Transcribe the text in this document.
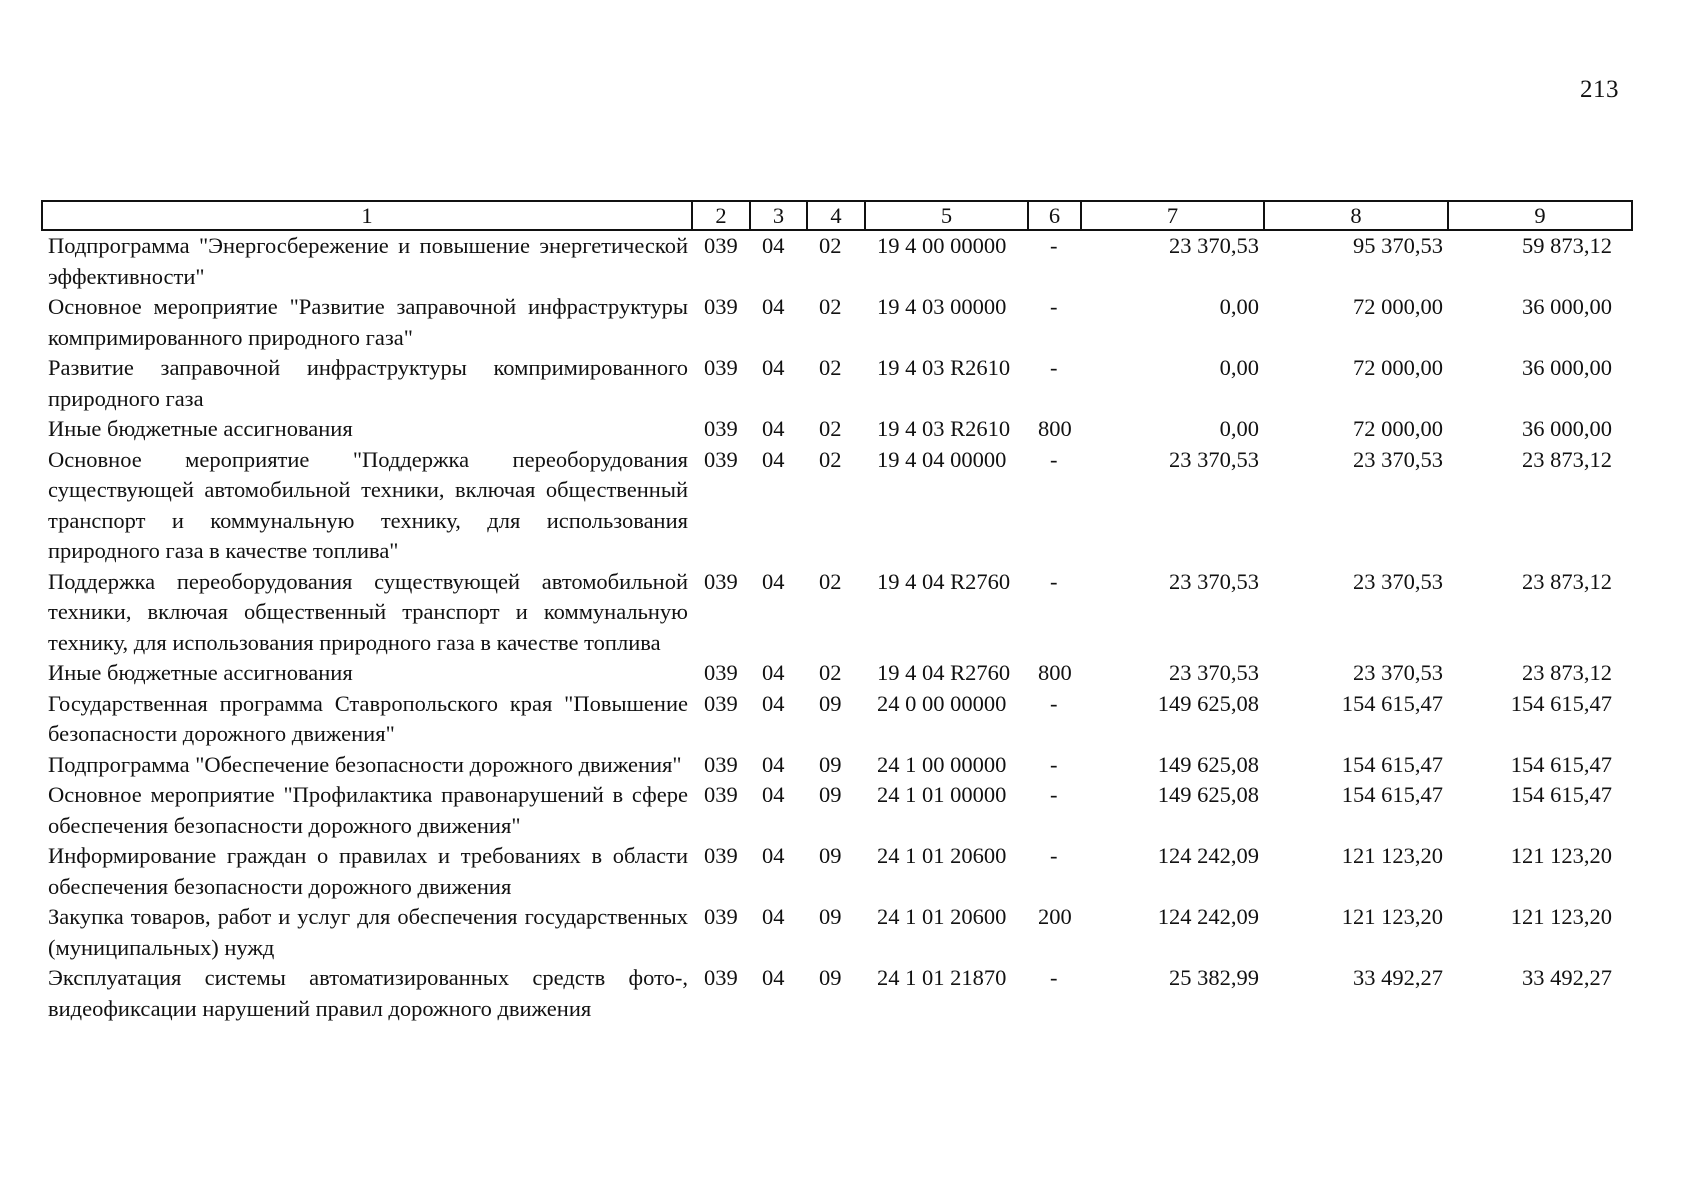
213
1	2	3	4	5	6	7	8	9
Подпрограмма "Энергосбережение и повышение энергетической эффективности"	039	04	02	19 4 00 00000	-	23 370,53	95 370,53	59 873,12
Основное мероприятие "Развитие заправочной инфраструктуры компримированного природного газа"	039	04	02	19 4 03 00000	-	0,00	72 000,00	36 000,00
Развитие заправочной инфраструктуры компримированного природного газа	039	04	02	19 4 03 R2610	-	0,00	72 000,00	36 000,00
Иные бюджетные ассигнования	039	04	02	19 4 03 R2610	800	0,00	72 000,00	36 000,00
Основное мероприятие "Поддержка переоборудования существующей автомобильной техники, включая общественный транспорт и коммунальную технику, для использования природного газа в качестве топлива"	039	04	02	19 4 04 00000	-	23 370,53	23 370,53	23 873,12
Поддержка переоборудования существующей автомобильной техники, включая общественный транспорт и коммунальную технику, для использования природного газа в качестве топлива	039	04	02	19 4 04 R2760	-	23 370,53	23 370,53	23 873,12
Иные бюджетные ассигнования	039	04	02	19 4 04 R2760	800	23 370,53	23 370,53	23 873,12
Государственная программа Ставропольского края "Повышение безопасности дорожного движения"	039	04	09	24 0 00 00000	-	149 625,08	154 615,47	154 615,47
Подпрограмма "Обеспечение безопасности дорожного движения"	039	04	09	24 1 00 00000	-	149 625,08	154 615,47	154 615,47
Основное мероприятие "Профилактика правонарушений в сфере обеспечения безопасности дорожного движения"	039	04	09	24 1 01 00000	-	149 625,08	154 615,47	154 615,47
Информирование граждан о правилах и требованиях в области обеспечения безопасности дорожного движения	039	04	09	24 1 01 20600	-	124 242,09	121 123,20	121 123,20
Закупка товаров, работ и услуг для обеспечения государственных (муниципальных) нужд	039	04	09	24 1 01 20600	200	124 242,09	121 123,20	121 123,20
Эксплуатация системы автоматизированных средств фото-, видеофиксации нарушений правил дорожного движения	039	04	09	24 1 01 21870	-	25 382,99	33 492,27	33 492,27
